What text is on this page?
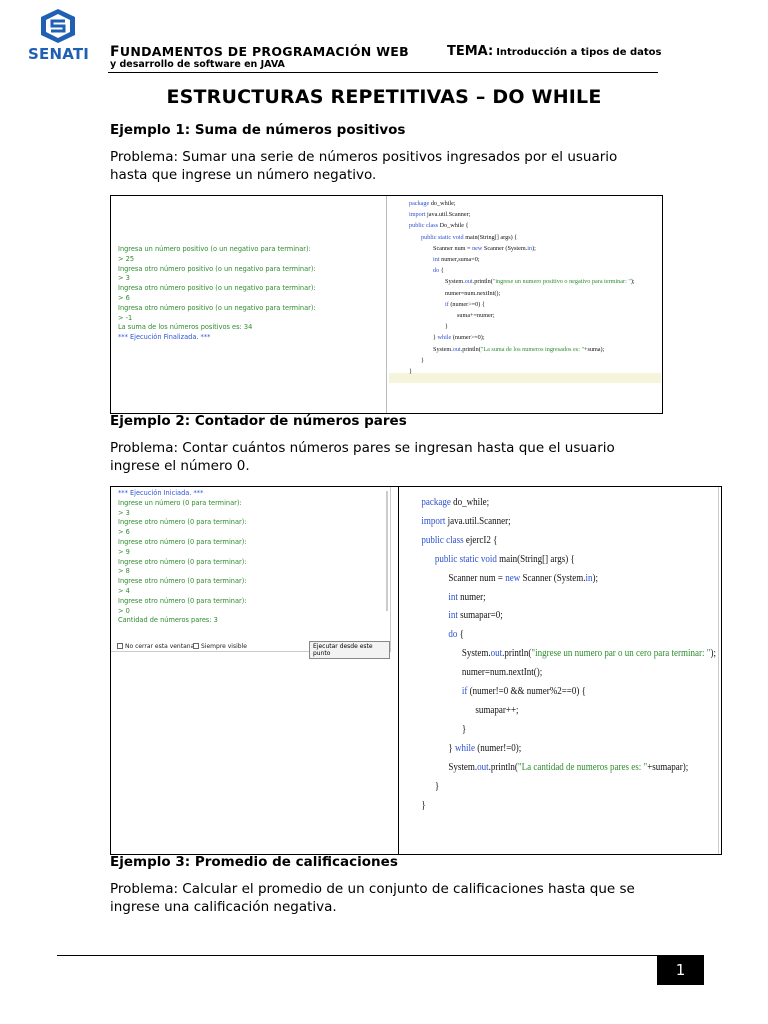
SENATI FUNDAMENTOS DE PROGRAMACIÓN WEB
y desarrollo de software en JAVA
TEMA: Introducción a tipos de datos
ESTRUCTURAS REPETITIVAS – DO WHILE
Ejemplo 1: Suma de números positivos
Problema: Sumar una serie de números positivos ingresados por el usuario hasta que ingrese un número negativo.
Ingresa un número positivo (o un negativo para terminar):
> 25
Ingresa otro número positivo (o un negativo para terminar):
> 3
Ingresa otro número positivo (o un negativo para terminar):
> 6
Ingresa otro número positivo (o un negativo para terminar):
> -1
La suma de los números positivos es: 34
*** Ejecución Finalizada. ***
package do_while;
import java.util.Scanner;
public class Do_while {
public static void main(String[] args) {
Scanner num = new Scanner (System.in);
int numer,suma=0;
do {
System.out.println("ingrese un numero positivo o negativo para terminar: ");
numer=num.nextInt();
if (numer>=0) {
suma+=numer;
}
} while (numer>=0);
System.out.println("La suma de los numeros ingresados es: "+suma);
}
}
Ejemplo 2: Contador de números pares
Problema: Contar cuántos números pares se ingresan hasta que el usuario ingrese el número 0.
*** Ejecución Iniciada. ***
Ingrese un número (0 para terminar):
> 3
Ingrese otro número (0 para terminar):
> 6
Ingrese otro número (0 para terminar):
> 9
Ingrese otro número (0 para terminar):
> 8
Ingrese otro número (0 para terminar):
> 4
Ingrese otro número (0 para terminar):
> 0
Cantidad de números pares: 3
No cerrar esta ventana	Siempre visible	Ejecutar desde este punto
package do_while;
import java.util.Scanner;
public class ejercI2 {
public static void main(String[] args) {
Scanner num = new Scanner (System.in);
int numer;
int sumapar=0;
do {
System.out.println("ingrese un numero par o un cero para terminar: ");
numer=num.nextInt();
if (numer!=0 && numer%2==0) {
sumapar++;
}
} while (numer!=0);
System.out.println("La cantidad de numeros pares es: "+sumapar);
}
}
Ejemplo 3: Promedio de calificaciones
Problema: Calcular el promedio de un conjunto de calificaciones hasta que se ingrese una calificación negativa.
1
